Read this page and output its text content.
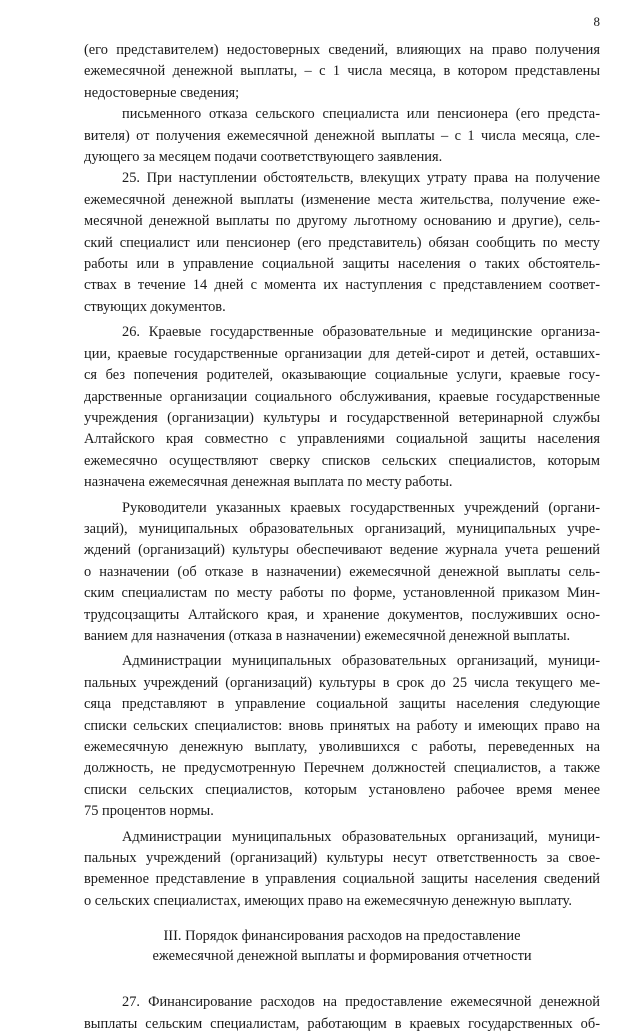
8
(его представителем) недостоверных сведений, влияющих на право получения
ежемесячной денежной выплаты, – с 1 числа месяца, в котором представлены
недостоверные сведения;
письменного отказа сельского специалиста или пенсионера (его предста-
вителя) от получения ежемесячной денежной выплаты – с 1 числа месяца, сле-
дующего за месяцем подачи соответствующего заявления.
25. При наступлении обстоятельств, влекущих утрату права на получение
ежемесячной денежной выплаты (изменение места жительства, получение еже-
месячной денежной выплаты по другому льготному основанию и другие), сель-
ский специалист или пенсионер (его представитель) обязан сообщить по месту
работы или в управление социальной защиты населения о таких обстоятель-
ствах в течение 14 дней с момента их наступления с представлением соответ-
ствующих документов.
26. Краевые государственные образовательные и медицинские организа-
ции, краевые государственные организации для детей-сирот и детей, оставших-
ся без попечения родителей, оказывающие социальные услуги, краевые госу-
дарственные организации социального обслуживания, краевые государственные
учреждения (организации) культуры и государственной ветеринарной службы
Алтайского края совместно с управлениями социальной защиты населения
ежемесячно осуществляют сверку списков сельских специалистов, которым
назначена ежемесячная денежная выплата по месту работы.
Руководители указанных краевых государственных учреждений (органи-
заций), муниципальных образовательных организаций, муниципальных учре-
ждений (организаций) культуры обеспечивают ведение журнала учета решений
о назначении (об отказе в назначении) ежемесячной денежной выплаты сель-
ским специалистам по месту работы по форме, установленной приказом Мин-
трудсоцзащиты Алтайского края, и хранение документов, послуживших осно-
ванием для назначения (отказа в назначении) ежемесячной денежной выплаты.
Администрации муниципальных образовательных организаций, муници-
пальных учреждений (организаций) культуры в срок до 25 числа текущего ме-
сяца представляют в управление социальной защиты населения следующие
списки сельских специалистов: вновь принятых на работу и имеющих право на
ежемесячную денежную выплату, уволившихся с работы, переведенных на
должность, не предусмотренную Перечнем должностей специалистов, а также
списки сельских специалистов, которым установлено рабочее время менее
75 процентов нормы.
Администрации муниципальных образовательных организаций, муници-
пальных учреждений (организаций) культуры несут ответственность за свое-
временное представление в управления социальной защиты населения сведений
о сельских специалистах, имеющих право на ежемесячную денежную выплату.
III. Порядок финансирования расходов на предоставление
ежемесячной денежной выплаты и формирования отчетности
27. Финансирование расходов на предоставление ежемесячной денежной
выплаты сельским специалистам, работающим в краевых государственных об-
